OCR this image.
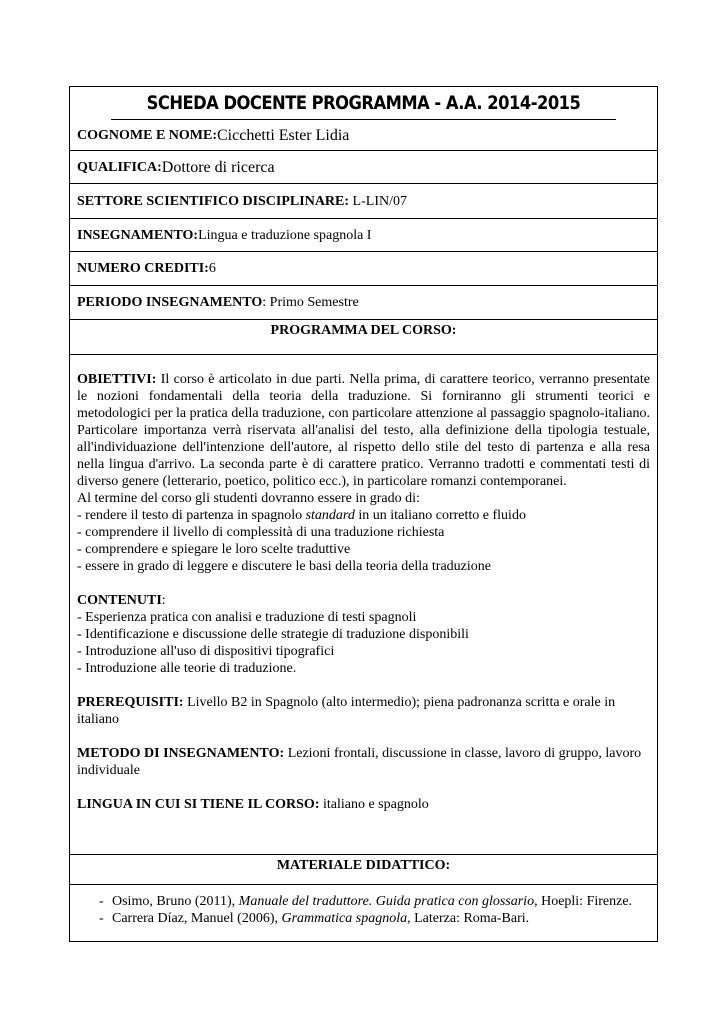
SCHEDA DOCENTE PROGRAMMA - A.A. 2014-2015
COGNOME E NOME: Cicchetti Ester Lidia
QUALIFICA: Dottore di ricerca
SETTORE SCIENTIFICO DISCIPLINARE: L-LIN/07
INSEGNAMENTO: Lingua e traduzione spagnola I
NUMERO CREDITI: 6
PERIODO INSEGNAMENTO : Primo Semestre
PROGRAMMA DEL CORSO:

OBIETTIVI: Il corso è articolato in due parti. Nella prima, di carattere teorico, verranno presentate le nozioni fondamentali della teoria della traduzione. Si forniranno gli strumenti teorici e metodologici per la pratica della traduzione, con particolare attenzione al passaggio spagnolo-italiano. Particolare importanza verrà riservata all'analisi del testo, alla definizione della tipologia testuale, all'individuazione dell'intenzione dell'autore, al rispetto dello stile del testo di partenza e alla resa nella lingua d'arrivo. La seconda parte è di carattere pratico. Verranno tradotti e commentati testi di diverso genere (letterario, poetico, politico ecc.), in particolare romanzi contemporanei.

Al termine del corso gli studenti dovranno essere in grado di:

- rendere il testo di partenza in spagnolo standard in un italiano corretto e fluido

- comprendere il livello di complessità di una traduzione richiesta

- comprendere e spiegare le loro scelte traduttive

- essere in grado di leggere e discutere le basi della teoria della traduzione

CONTENUTI:

- Esperienza pratica con analisi e traduzione di testi spagnoli

- Identificazione e discussione delle strategie di traduzione disponibili

- Introduzione all'uso di dispositivi tipografici

- Introduzione alle teorie di traduzione.

PREREQUISITI: Livello B2 in Spagnolo (alto intermedio); piena padronanza scritta e orale in italiano

METODO DI INSEGNAMENTO: Lezioni frontali, discussione in classe, lavoro di gruppo, lavoro individuale

LINGUA IN CUI SI TIENE IL CORSO: italiano e spagnolo

MATERIALE DIDATTICO:
- Osimo, Bruno (2011), Manuale del traduttore. Guida pratica con glossario, Hoepli: Firenze.
- Carrera Díaz, Manuel (2006), Grammatica spagnola, Laterza: Roma-Bari.
